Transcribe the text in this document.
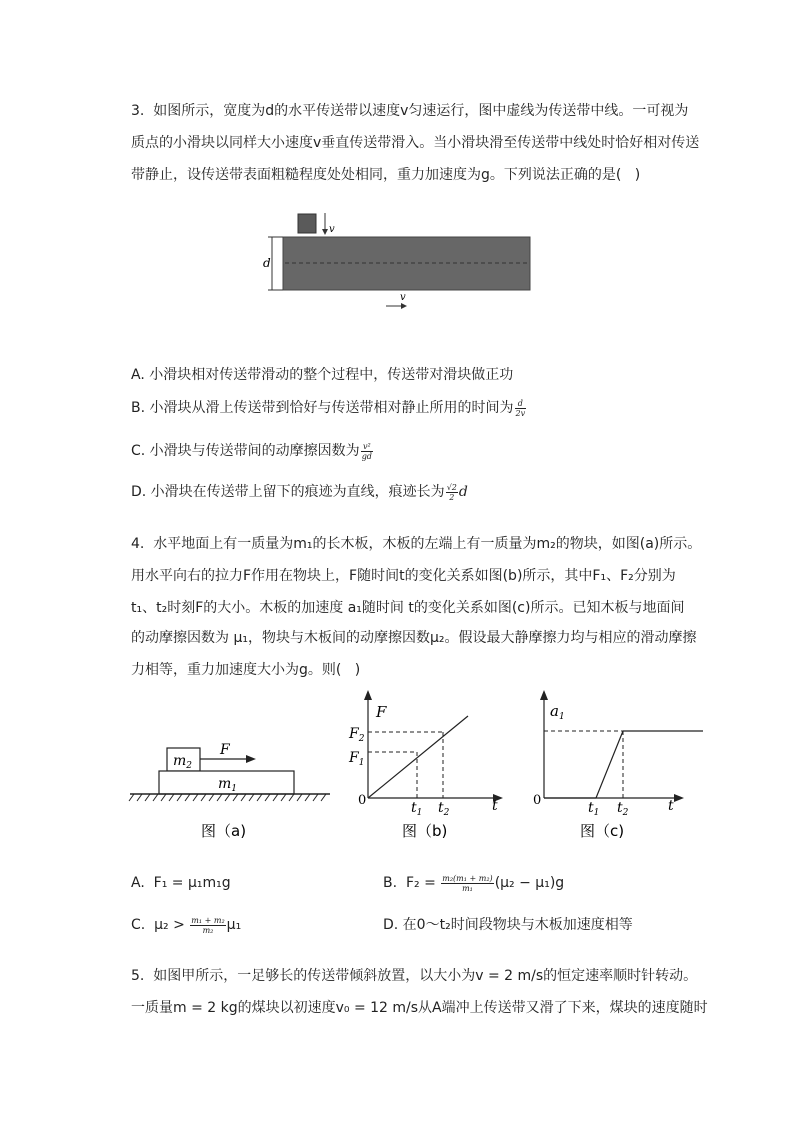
3.  如图所示，宽度为d的水平传送带以速度v匀速运行，图中虚线为传送带中线。一可视为
质点的小滑块以同样大小速度v垂直传送带滑入。当小滑块滑至传送带中线处时恰好相对传送
带静止，设传送带表面粗糙程度处处相同，重力加速度为g。下列说法正确的是(   )
v
d
v
A. 小滑块相对传送带滑动的整个过程中，传送带对滑块做正功
B. 小滑块从滑上传送带到恰好与传送带相对静止所用的时间为 $\frac{d}{2v}$
C. 小滑块与传送带间的动摩擦因数为 $\frac{\text{v²}}{gd}$
D. 小滑块在传送带上留下的痕迹为直线，痕迹长为 $\frac{√2}{2}$ d
4.  水平地面上有一质量为m₁的长木板，木板的左端上有一质量为m₂的物块，如图(a)所示。
用水平向右的拉力F作用在物块上，F随时间t的变化关系如图(b)所示，其中F₁、F₂分别为
t₁、t₂时刻F的大小。木板的加速度 a₁随时间 t的变化关系如图(c)所示。已知木板与地面间
的动摩擦因数为 μ₁，物块与木板间的动摩擦因数μ₂。假设最大静摩擦力均与相应的滑动摩擦
力相等，重力加速度大小为g。则(   )
$m_2$
$m_1$
F
图（a)
F
$F_2$
$F_1$
0	$t_1$ $t_2$	t
图（b)
$a_1$
0	$t_1$ $t_2$	t
图（c)
A.  F₁ = μ₁m₁g	B.  $F_2 = \frac{\text{m₂(m₁ + m₂)}}{\text{m₁}} (\mu_2 - \mu_1)g$
C.  $\mu_2 > \frac{\text{m₁ + m₂}}{\text{m₂}} \mu_1$	D. 在0～t₂时间段物块与木板加速度相等
5.  如图甲所示，一足够长的传送带倾斜放置，以大小为v = 2 m/s的恒定速率顺时针转动。
一质量m = 2 kg的煤块以初速度v₀ = 12 m/s从A端冲上传送带又滑了下来，煤块的速度随时
